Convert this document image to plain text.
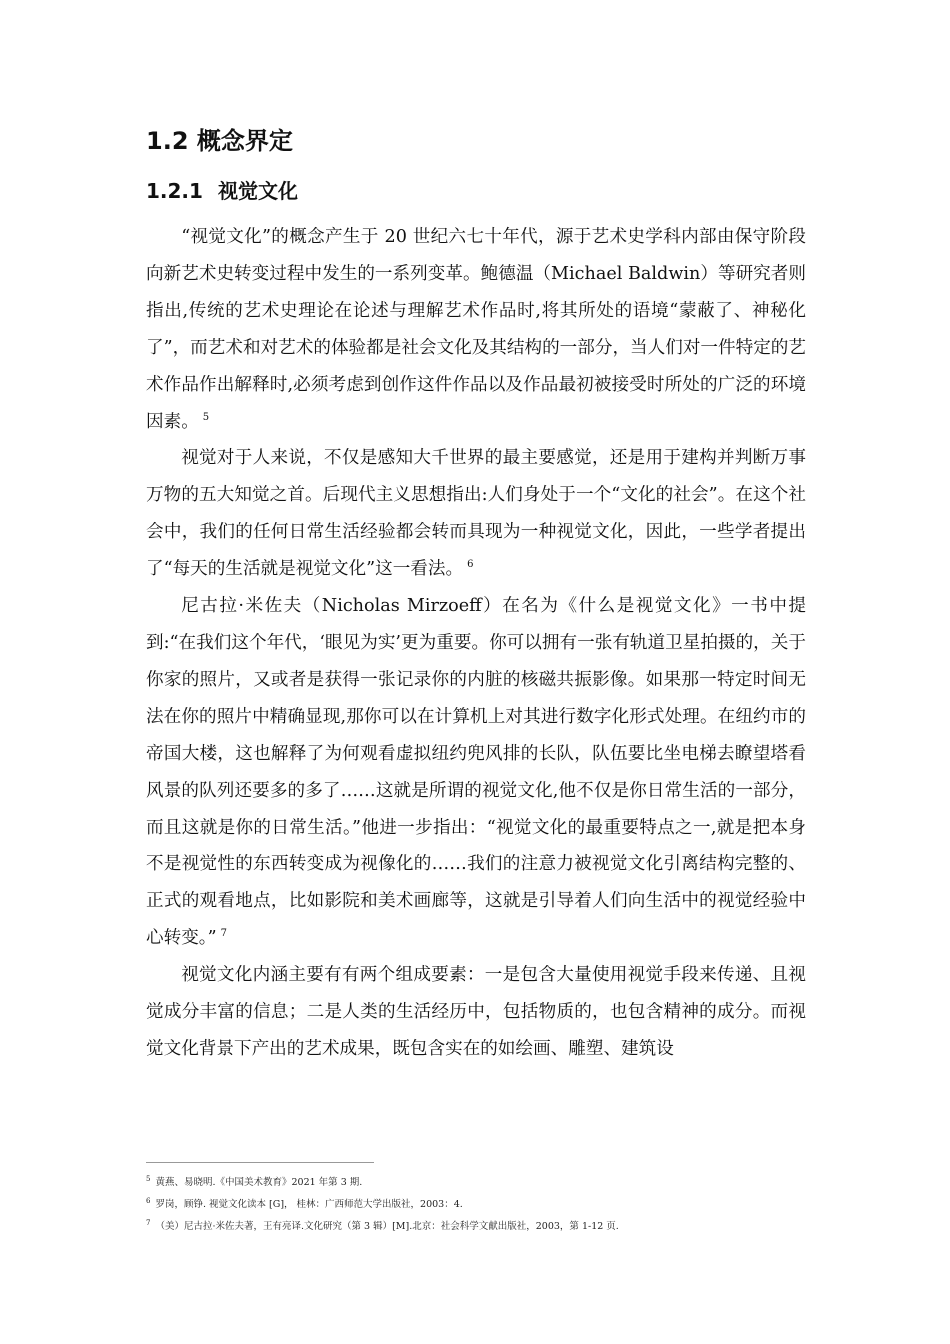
1.2 概念界定
1.2.1 视觉文化

“视觉文化”的概念产生于 20 世纪六七十年代，源于艺术史学科内部由保守阶段向新艺术史转变过程中发生的一系列变革。鲍德温（Michael Baldwin）等研究者则指出,传统的艺术史理论在论述与理解艺术作品时,将其所处的语境“蒙蔽了、神秘化了”，而艺术和对艺术的体验都是社会文化及其结构的一部分，当人们对一件特定的艺术作品作出解释时,必须考虑到创作这件作品以及作品最初被接受时所处的广泛的环境因素。 $^5$

视觉对于人来说，不仅是感知大千世界的最主要感觉，还是用于建构并判断万事万物的五大知觉之首。后现代主义思想指出:人们身处于一个“文化的社会”。在这个社会中，我们的任何日常生活经验都会转而具现为一种视觉文化，因此，一些学者提出了“每天的生活就是视觉文化”这一看法。 $^6$

尼古拉·米佐夫（Nicholas Mirzoeff）在名为《什么是视觉文化》一书中提到:“在我们这个年代，‘眼见为实’更为重要。你可以拥有一张有轨道卫星拍摄的，关于你家的照片，又或者是获得一张记录你的内脏的核磁共振影像。如果那一特定时间无法在你的照片中精确显现,那你可以在计算机上对其进行数字化形式处理。在纽约市的帝国大楼，这也解释了为何观看虚拟纽约兜风排的长队，队伍要比坐电梯去瞭望塔看风景的队列还要多的多了……这就是所谓的视觉文化,他不仅是你日常生活的一部分，而且这就是你的日常生活。”他进一步指出：“视觉文化的最重要特点之一,就是把本身不是视觉性的东西转变成为视像化的……我们的注意力被视觉文化引离结构完整的、正式的观看地点，比如影院和美术画廊等，这就是引导着人们向生活中的视觉经验中心转变。” $^7$

视觉文化内涵主要有有两个组成要素：一是包含大量使用视觉手段来传递、且视觉成分丰富的信息；二是人类的生活经历中，包括物质的，也包含精神的成分。而视觉文化背景下产出的艺术成果，既包含实在的如绘画、雕塑、建筑设

$^5$ 黄燕、易晓明.《中国美术教育》2021 年第 3 期.
$^6$ 罗岗，顾铮. 视觉文化读本 [G]， 桂林：广西师范大学出版社，2003：4.
$^7$ （美）尼古拉·米佐夫著，王有亮译.文化研究（第 3 辑）[M].北京：社会科学文献出版社，2003，第 1-12 页.
